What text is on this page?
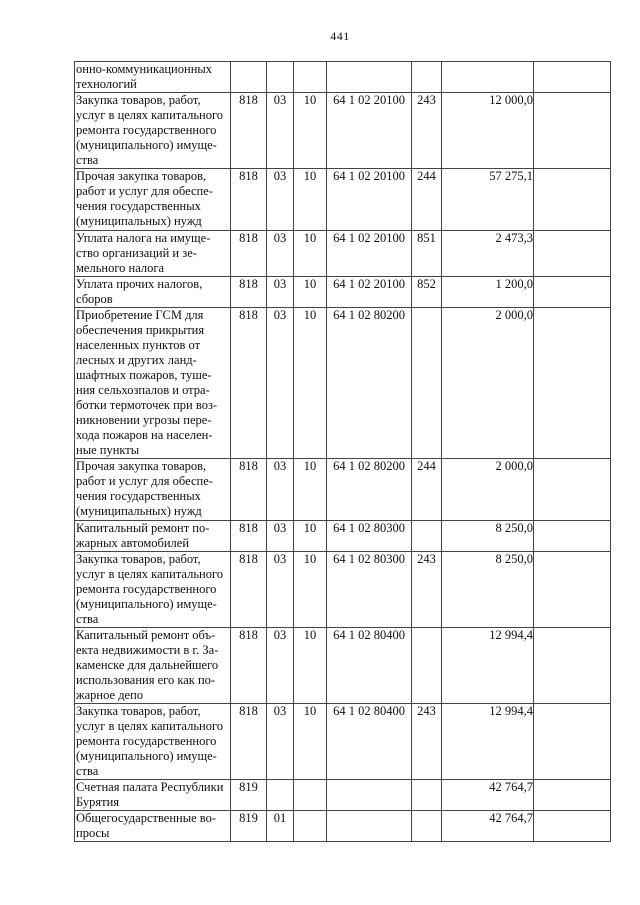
441
онно-коммуникационных технологий							
Закупка товаров, работ, услуг в целях капитального ремонта государственного (муниципального) имуще-ства	818	03	10	64 1 02 20100	243	12 000,0	
Прочая закупка товаров, работ и услуг для обеспе-чения государственных (муниципальных) нужд	818	03	10	64 1 02 20100	244	57 275,1	
Уплата налога на имуще-ство организаций и зе-мельного налога	818	03	10	64 1 02 20100	851	2 473,3	
Уплата прочих налогов, сборов	818	03	10	64 1 02 20100	852	1 200,0	
Приобретение ГСМ для обеспечения прикрытия населенных пунктов от лесных и других ланд-шафтных пожаров, туше-ния сельхозпалов и отра-ботки термоточек при воз-никновении угрозы пере-хода пожаров на населен-ные пункты	818	03	10	64 1 02 80200		2 000,0	
Прочая закупка товаров, работ и услуг для обеспе-чения государственных (муниципальных) нужд	818	03	10	64 1 02 80200	244	2 000,0	
Капитальный ремонт по-жарных автомобилей	818	03	10	64 1 02 80300		8 250,0	
Закупка товаров, работ, услуг в целях капитального ремонта государственного (муниципального) имуще-ства	818	03	10	64 1 02 80300	243	8 250,0	
Капитальный ремонт объ-екта недвижимости в г. За-каменске для дальнейшего использования его как по-жарное депо	818	03	10	64 1 02 80400		12 994,4	
Закупка товаров, работ, услуг в целях капитального ремонта государственного (муниципального) имуще-ства	818	03	10	64 1 02 80400	243	12 994,4	
Счетная палата Республики Бурятия	819					42 764,7	
Общегосударственные во-просы	819	01				42 764,7	
